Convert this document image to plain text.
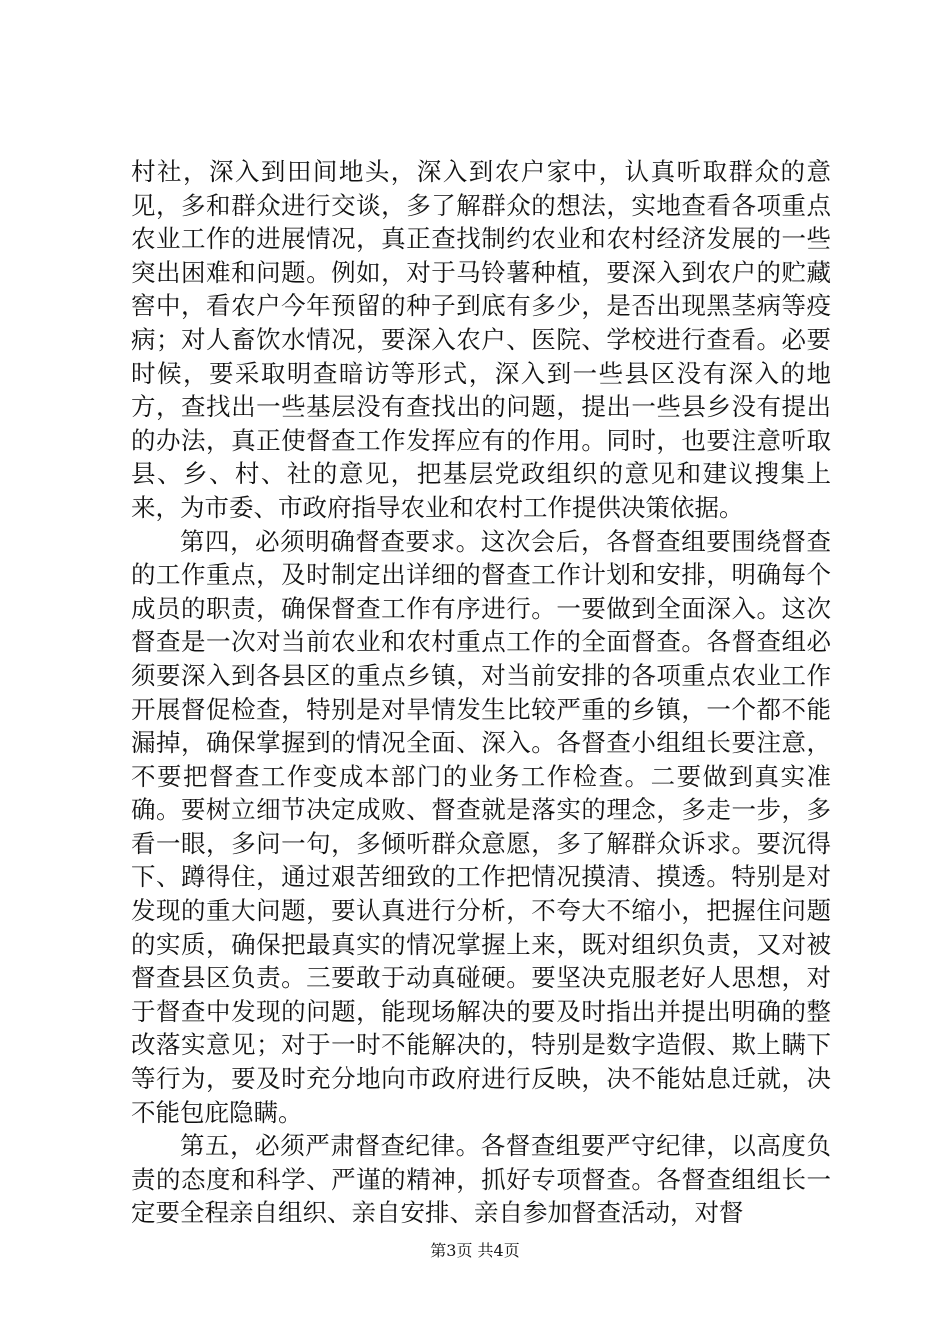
村社，深入到田间地头，深入到农户家中，认真听取群众的意见，多和群众进行交谈，多了解群众的想法，实地查看各项重点农业工作的进展情况，真正查找制约农业和农村经济发展的一些突出困难和问题。例如，对于马铃薯种植，要深入到农户的贮藏窖中，看农户今年预留的种子到底有多少，是否出现黑茎病等疫病；对人畜饮水情况，要深入农户、医院、学校进行查看。必要时候，要采取明查暗访等形式，深入到一些县区没有深入的地方，查找出一些基层没有查找出的问题，提出一些县乡没有提出的办法，真正使督查工作发挥应有的作用。同时，也要注意听取县、乡、村、社的意见，把基层党政组织的意见和建议搜集上来，为市委、市政府指导农业和农村工作提供决策依据。

第四，必须明确督查要求。这次会后，各督查组要围绕督查的工作重点，及时制定出详细的督查工作计划和安排，明确每个成员的职责，确保督查工作有序进行。一要做到全面深入。这次督查是一次对当前农业和农村重点工作的全面督查。各督查组必须要深入到各县区的重点乡镇，对当前安排的各项重点农业工作开展督促检查，特别是对旱情发生比较严重的乡镇，一个都不能漏掉，确保掌握到的情况全面、深入。各督查小组组长要注意，不要把督查工作变成本部门的业务工作检查。二要做到真实准确。要树立细节决定成败、督查就是落实的理念，多走一步，多看一眼，多问一句，多倾听群众意愿，多了解群众诉求。要沉得下、蹲得住，通过艰苦细致的工作把情况摸清、摸透。特别是对发现的重大问题，要认真进行分析，不夸大不缩小，把握住问题的实质，确保把最真实的情况掌握上来，既对组织负责，又对被督查县区负责。三要敢于动真碰硬。要坚决克服老好人思想，对于督查中发现的问题，能现场解决的要及时指出并提出明确的整改落实意见；对于一时不能解决的，特别是数字造假、欺上瞒下等行为，要及时充分地向市政府进行反映，决不能姑息迁就，决不能包庇隐瞒。

第五，必须严肃督查纪律。各督查组要严守纪律，以高度负责的态度和科学、严谨的精神，抓好专项督查。各督查组组长一定要全程亲自组织、亲自安排、亲自参加督查活动，对督

第3页 共4页
